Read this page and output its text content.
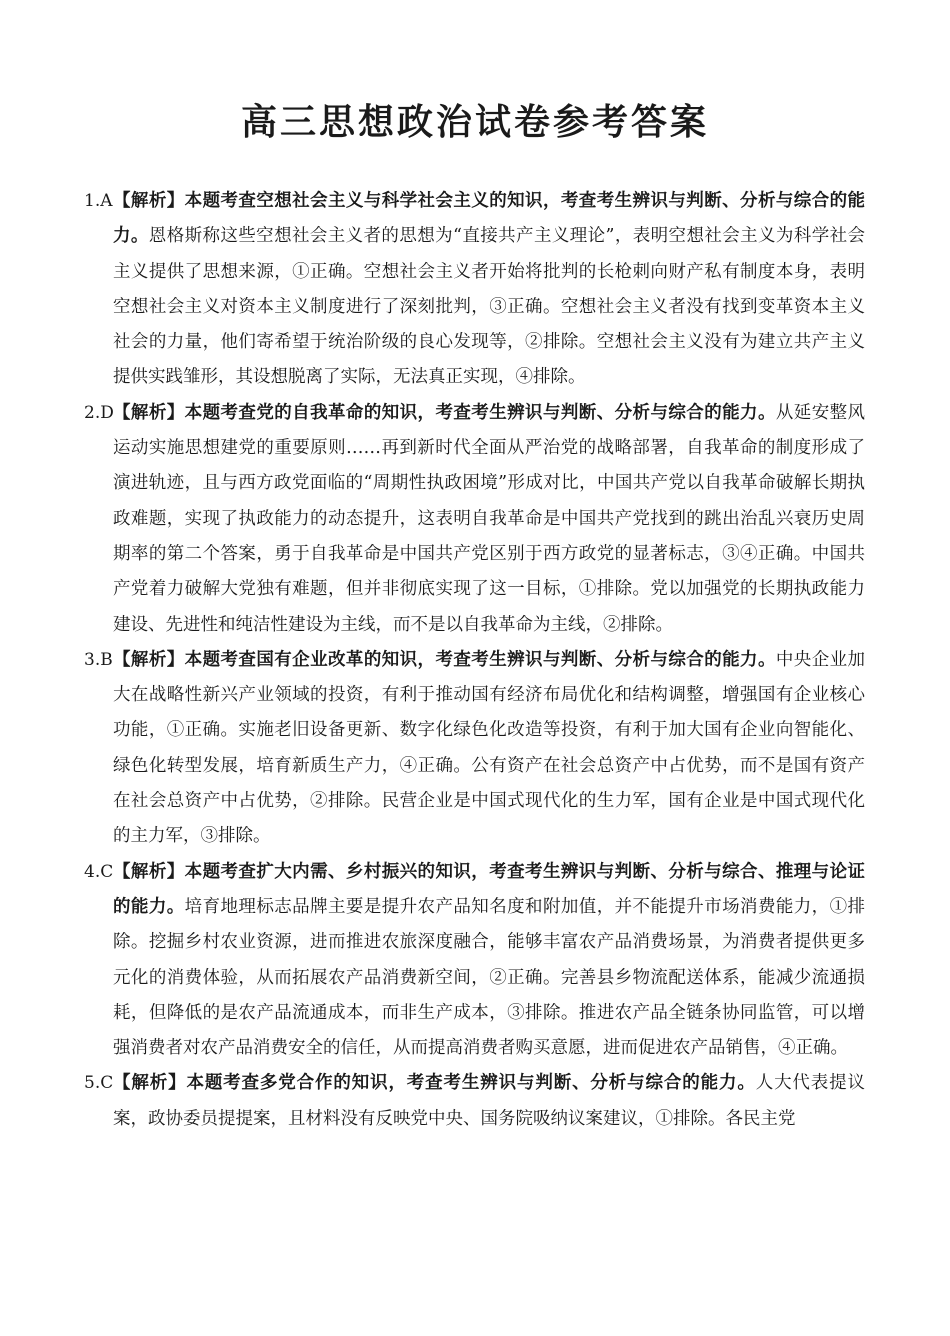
高三思想政治试卷参考答案

1.A 【解析】本题考查空想社会主义与科学社会主义的知识，考查考生辨识与判断、分析与综合的能力。恩格斯称这些空想社会主义者的思想为“直接共产主义理论”，表明空想社会主义为科学社会主义提供了思想来源，①正确。空想社会主义者开始将批判的长枪刺向财产私有制度本身，表明空想社会主义对资本主义制度进行了深刻批判，③正确。空想社会主义者没有找到变革资本主义社会的力量，他们寄希望于统治阶级的良心发现等，②排除。空想社会主义没有为建立共产主义提供实践雏形，其设想脱离了实际，无法真正实现，④排除。

2.D 【解析】本题考查党的自我革命的知识，考查考生辨识与判断、分析与综合的能力。从延安整风运动实施思想建党的重要原则……再到新时代全面从严治党的战略部署，自我革命的制度形成了演进轨迹，且与西方政党面临的“周期性执政困境”形成对比，中国共产党以自我革命破解长期执政难题，实现了执政能力的动态提升，这表明自我革命是中国共产党找到的跳出治乱兴衰历史周期率的第二个答案，勇于自我革命是中国共产党区别于西方政党的显著标志，③④正确。中国共产党着力破解大党独有难题，但并非彻底实现了这一目标，①排除。党以加强党的长期执政能力建设、先进性和纯洁性建设为主线，而不是以自我革命为主线，②排除。

3.B 【解析】本题考查国有企业改革的知识，考查考生辨识与判断、分析与综合的能力。中央企业加大在战略性新兴产业领域的投资，有利于推动国有经济布局优化和结构调整，增强国有企业核心功能，①正确。实施老旧设备更新、数字化绿色化改造等投资，有利于加大国有企业向智能化、绿色化转型发展，培育新质生产力，④正确。公有资产在社会总资产中占优势，而不是国有资产在社会总资产中占优势，②排除。民营企业是中国式现代化的生力军，国有企业是中国式现代化的主力军，③排除。

4.C 【解析】本题考查扩大内需、乡村振兴的知识，考查考生辨识与判断、分析与综合、推理与论证的能力。培育地理标志品牌主要是提升农产品知名度和附加值，并不能提升市场消费能力，①排除。挖掘乡村农业资源，进而推进农旅深度融合，能够丰富农产品消费场景，为消费者提供更多元化的消费体验，从而拓展农产品消费新空间，②正确。完善县乡物流配送体系，能减少流通损耗，但降低的是农产品流通成本，而非生产成本，③排除。推进农产品全链条协同监管，可以增强消费者对农产品消费安全的信任，从而提高消费者购买意愿，进而促进农产品销售，④正确。

5.C 【解析】本题考查多党合作的知识，考查考生辨识与判断、分析与综合的能力。人大代表提议案，政协委员提提案，且材料没有反映党中央、国务院吸纳议案建议，①排除。各民主党
